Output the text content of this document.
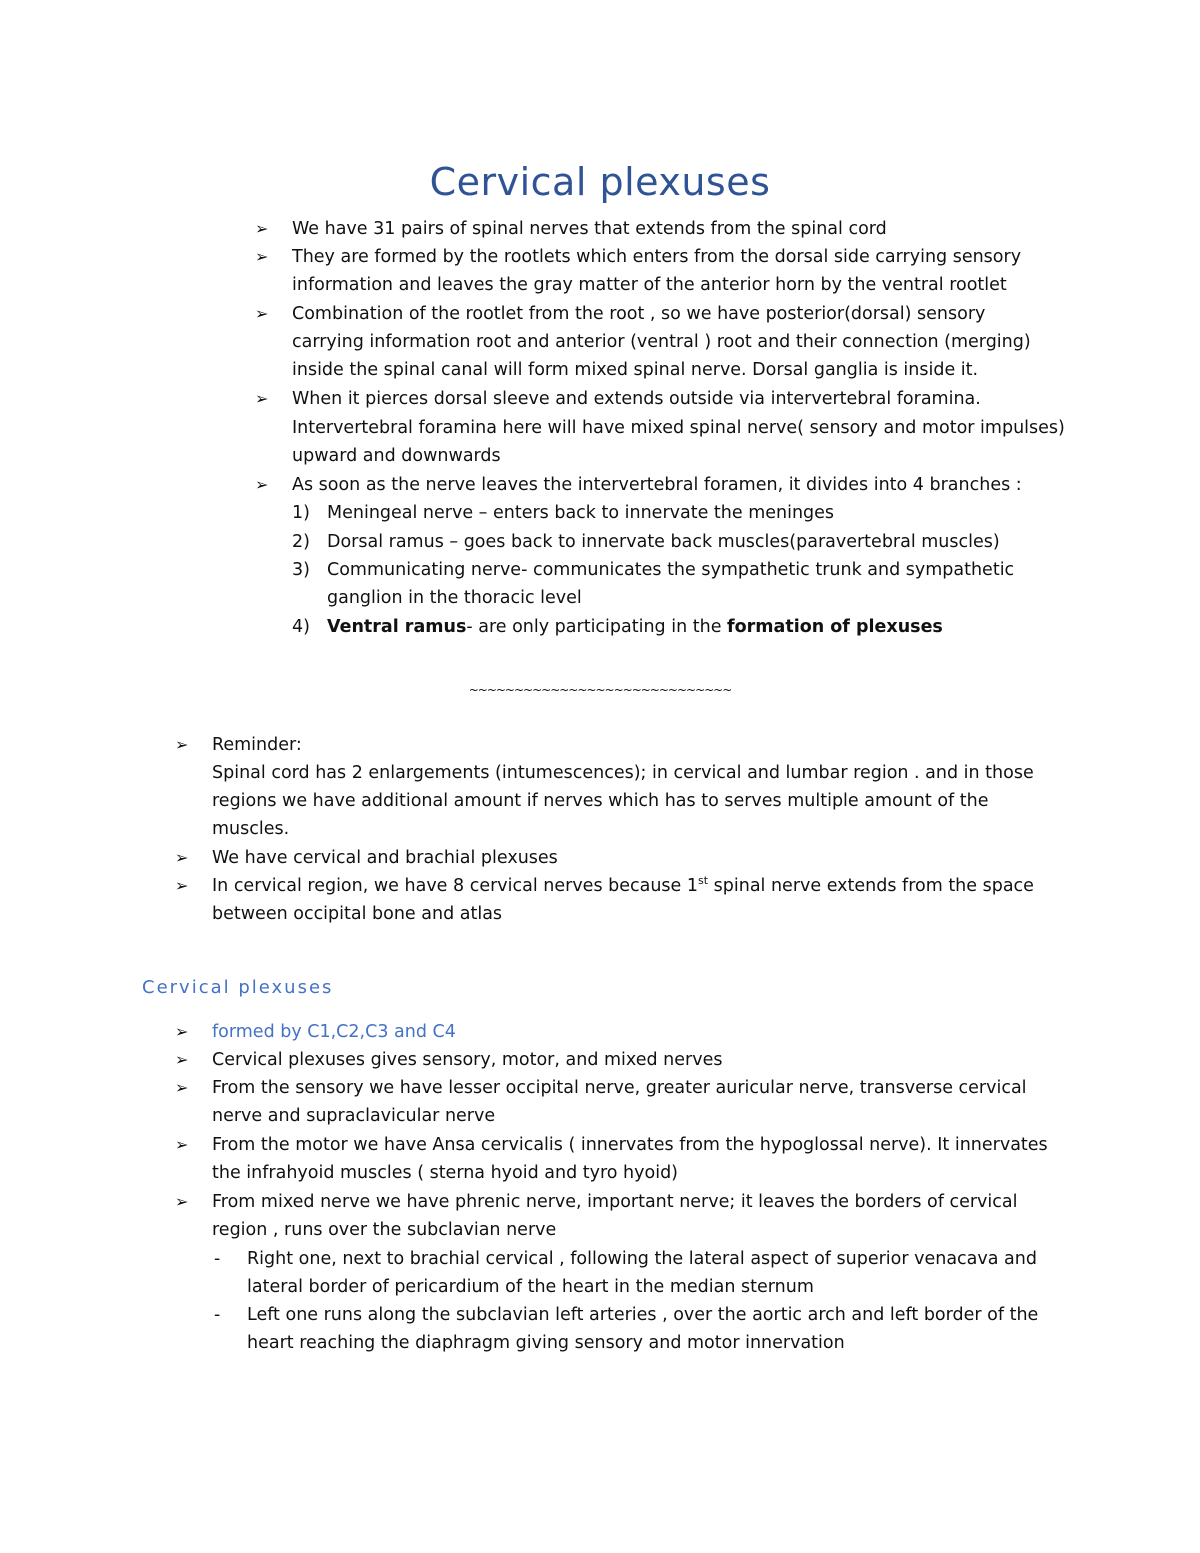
Cervical plexuses
➢ We have 31 pairs of spinal nerves that extends from the spinal cord
➢ They are formed by the rootlets which enters from the dorsal side carrying sensory
information and leaves the gray matter of the anterior horn by the ventral rootlet
➢ Combination of the rootlet from the root , so we have posterior(dorsal) sensory
carrying information root and anterior (ventral ) root and their connection (merging)
inside the spinal canal will form mixed spinal nerve. Dorsal ganglia is inside it.
➢ When it pierces dorsal sleeve and extends outside via intervertebral foramina.
Intervertebral foramina here will have mixed spinal nerve( sensory and motor impulses)
upward and downwards
➢ As soon as the nerve leaves the intervertebral foramen, it divides into 4 branches :
1) Meningeal nerve – enters back to innervate the meninges
2) Dorsal ramus – goes back to innervate back muscles(paravertebral muscles)
3) Communicating nerve- communicates the sympathetic trunk and sympathetic
ganglion in the thoracic level
4) Ventral ramus- are only participating in the formation of plexuses
~~~~~~~~~~~~~~~~~~~~~~~~~~~~~
➢ Reminder:
Spinal cord has 2 enlargements (intumescences); in cervical and lumbar region . and in those
regions we have additional amount if nerves which has to serves multiple amount of the
muscles.
➢ We have cervical and brachial plexuses
➢ In cervical region, we have 8 cervical nerves because 1st spinal nerve extends from the space
between occipital bone and atlas
Cervical plexuses
➢ formed by C1,C2,C3 and C4
➢ Cervical plexuses gives sensory, motor, and mixed nerves
➢ From the sensory we have lesser occipital nerve, greater auricular nerve, transverse cervical
nerve and supraclavicular nerve
➢ From the motor we have Ansa cervicalis ( innervates from the hypoglossal nerve). It innervates
the infrahyoid muscles ( sterna hyoid and tyro hyoid)
➢ From mixed nerve we have phrenic nerve, important nerve; it leaves the borders of cervical
region , runs over the subclavian nerve
- Right one, next to brachial cervical , following the lateral aspect of superior venacava and
lateral border of pericardium of the heart in the median sternum
- Left one runs along the subclavian left arteries , over the aortic arch and left border of the
heart reaching the diaphragm giving sensory and motor innervation
